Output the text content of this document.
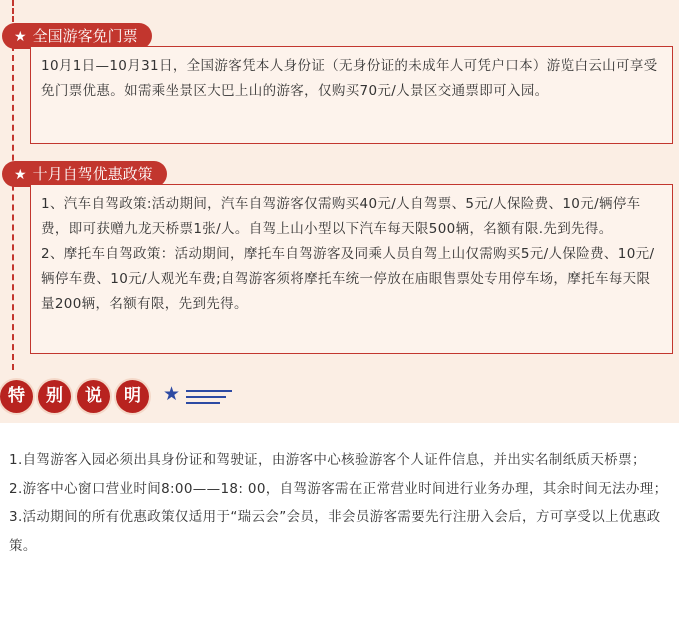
★ 全国游客免门票

10月1日—10月31日，全国游客凭本人身份证（无身份证的未成年人可凭户口本）游览白云山可享受免门票优惠。如需乘坐景区大巴上山的游客，仅购买70元/人景区交通票即可入园。

★ 十月自驾优惠政策

1、汽车自驾政策:活动期间，汽车自驾游客仅需购买40元/人自驾票、5元/人保险费、10元/辆停车费，即可获赠九龙天桥票1张/人。自驾上山小型以下汽车每天限500辆，名额有限.先到先得。

2、摩托车自驾政策：活动期间，摩托车自驾游客及同乘人员自驾上山仅需购买5元/人保险费、10元/辆停车费、10元/人观光车费;自驾游客须将摩托车统一停放在庙眼售票处专用停车场，摩托车每天限量200辆，名额有限，先到先得。

特	别	说	明	★

1.自驾游客入园必须出具身份证和驾驶证，由游客中心核验游客个人证件信息，并出实名制纸质天桥票；

2.游客中心窗口营业时间8:00——18: 00，自驾游客需在正常营业时间进行业务办理，其余时间无法办理；

3.活动期间的所有优惠政策仅适用于“瑞云会”会员，非会员游客需要先行注册入会后，方可享受以上优惠政策。
